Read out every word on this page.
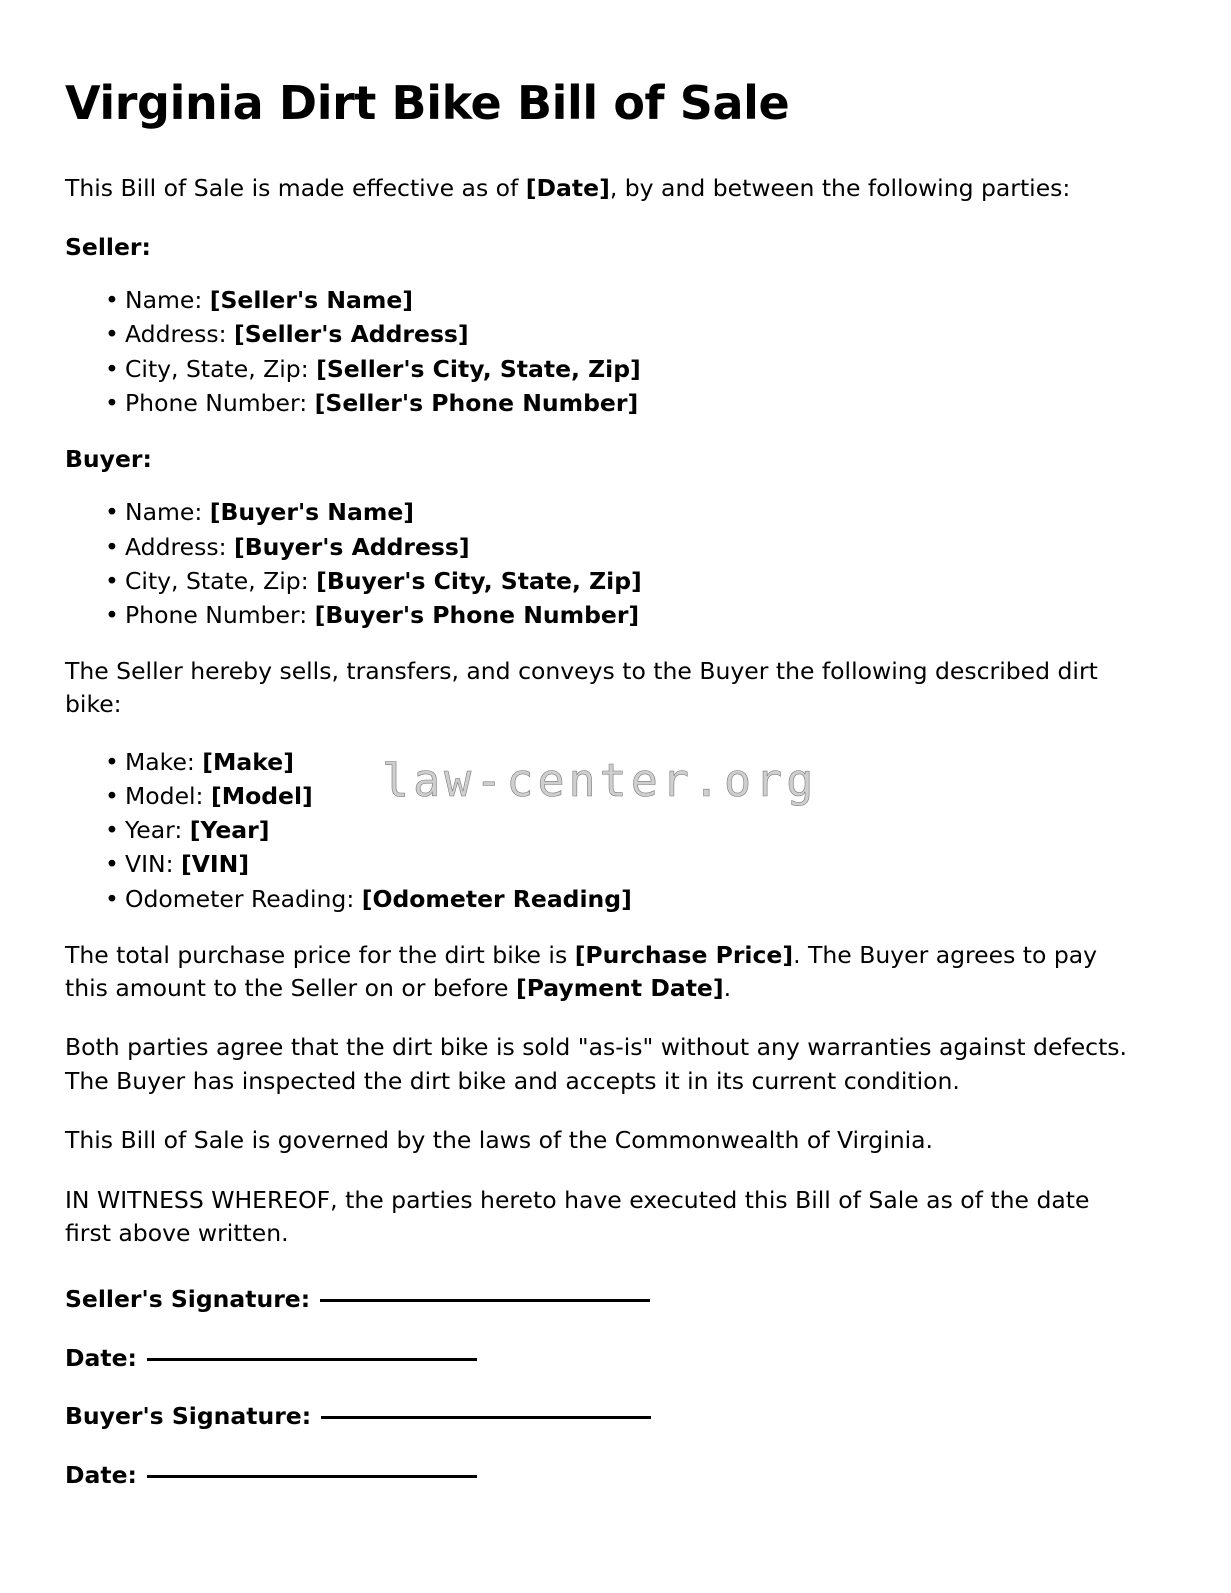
Virginia Dirt Bike Bill of Sale

This Bill of Sale is made effective as of [Date], by and between the following parties:

Seller:

• Name: [Seller's Name]
• Address: [Seller's Address]
• City, State, Zip: [Seller's City, State, Zip]
• Phone Number: [Seller's Phone Number]

Buyer:

• Name: [Buyer's Name]
• Address: [Buyer's Address]
• City, State, Zip: [Buyer's City, State, Zip]
• Phone Number: [Buyer's Phone Number]

The Seller hereby sells, transfers, and conveys to the Buyer the following described dirt bike:

• Make: [Make]
• Model: [Model]
• Year: [Year]
• VIN: [VIN]
• Odometer Reading: [Odometer Reading]

The total purchase price for the dirt bike is [Purchase Price]. The Buyer agrees to pay this amount to the Seller on or before [Payment Date].

Both parties agree that the dirt bike is sold "as-is" without any warranties against defects. The Buyer has inspected the dirt bike and accepts it in its current condition.

This Bill of Sale is governed by the laws of the Commonwealth of Virginia.

IN WITNESS WHEREOF, the parties hereto have executed this Bill of Sale as of the date first above written.

Seller's Signature:
Date:
Buyer's Signature:
Date:
law-center.org
